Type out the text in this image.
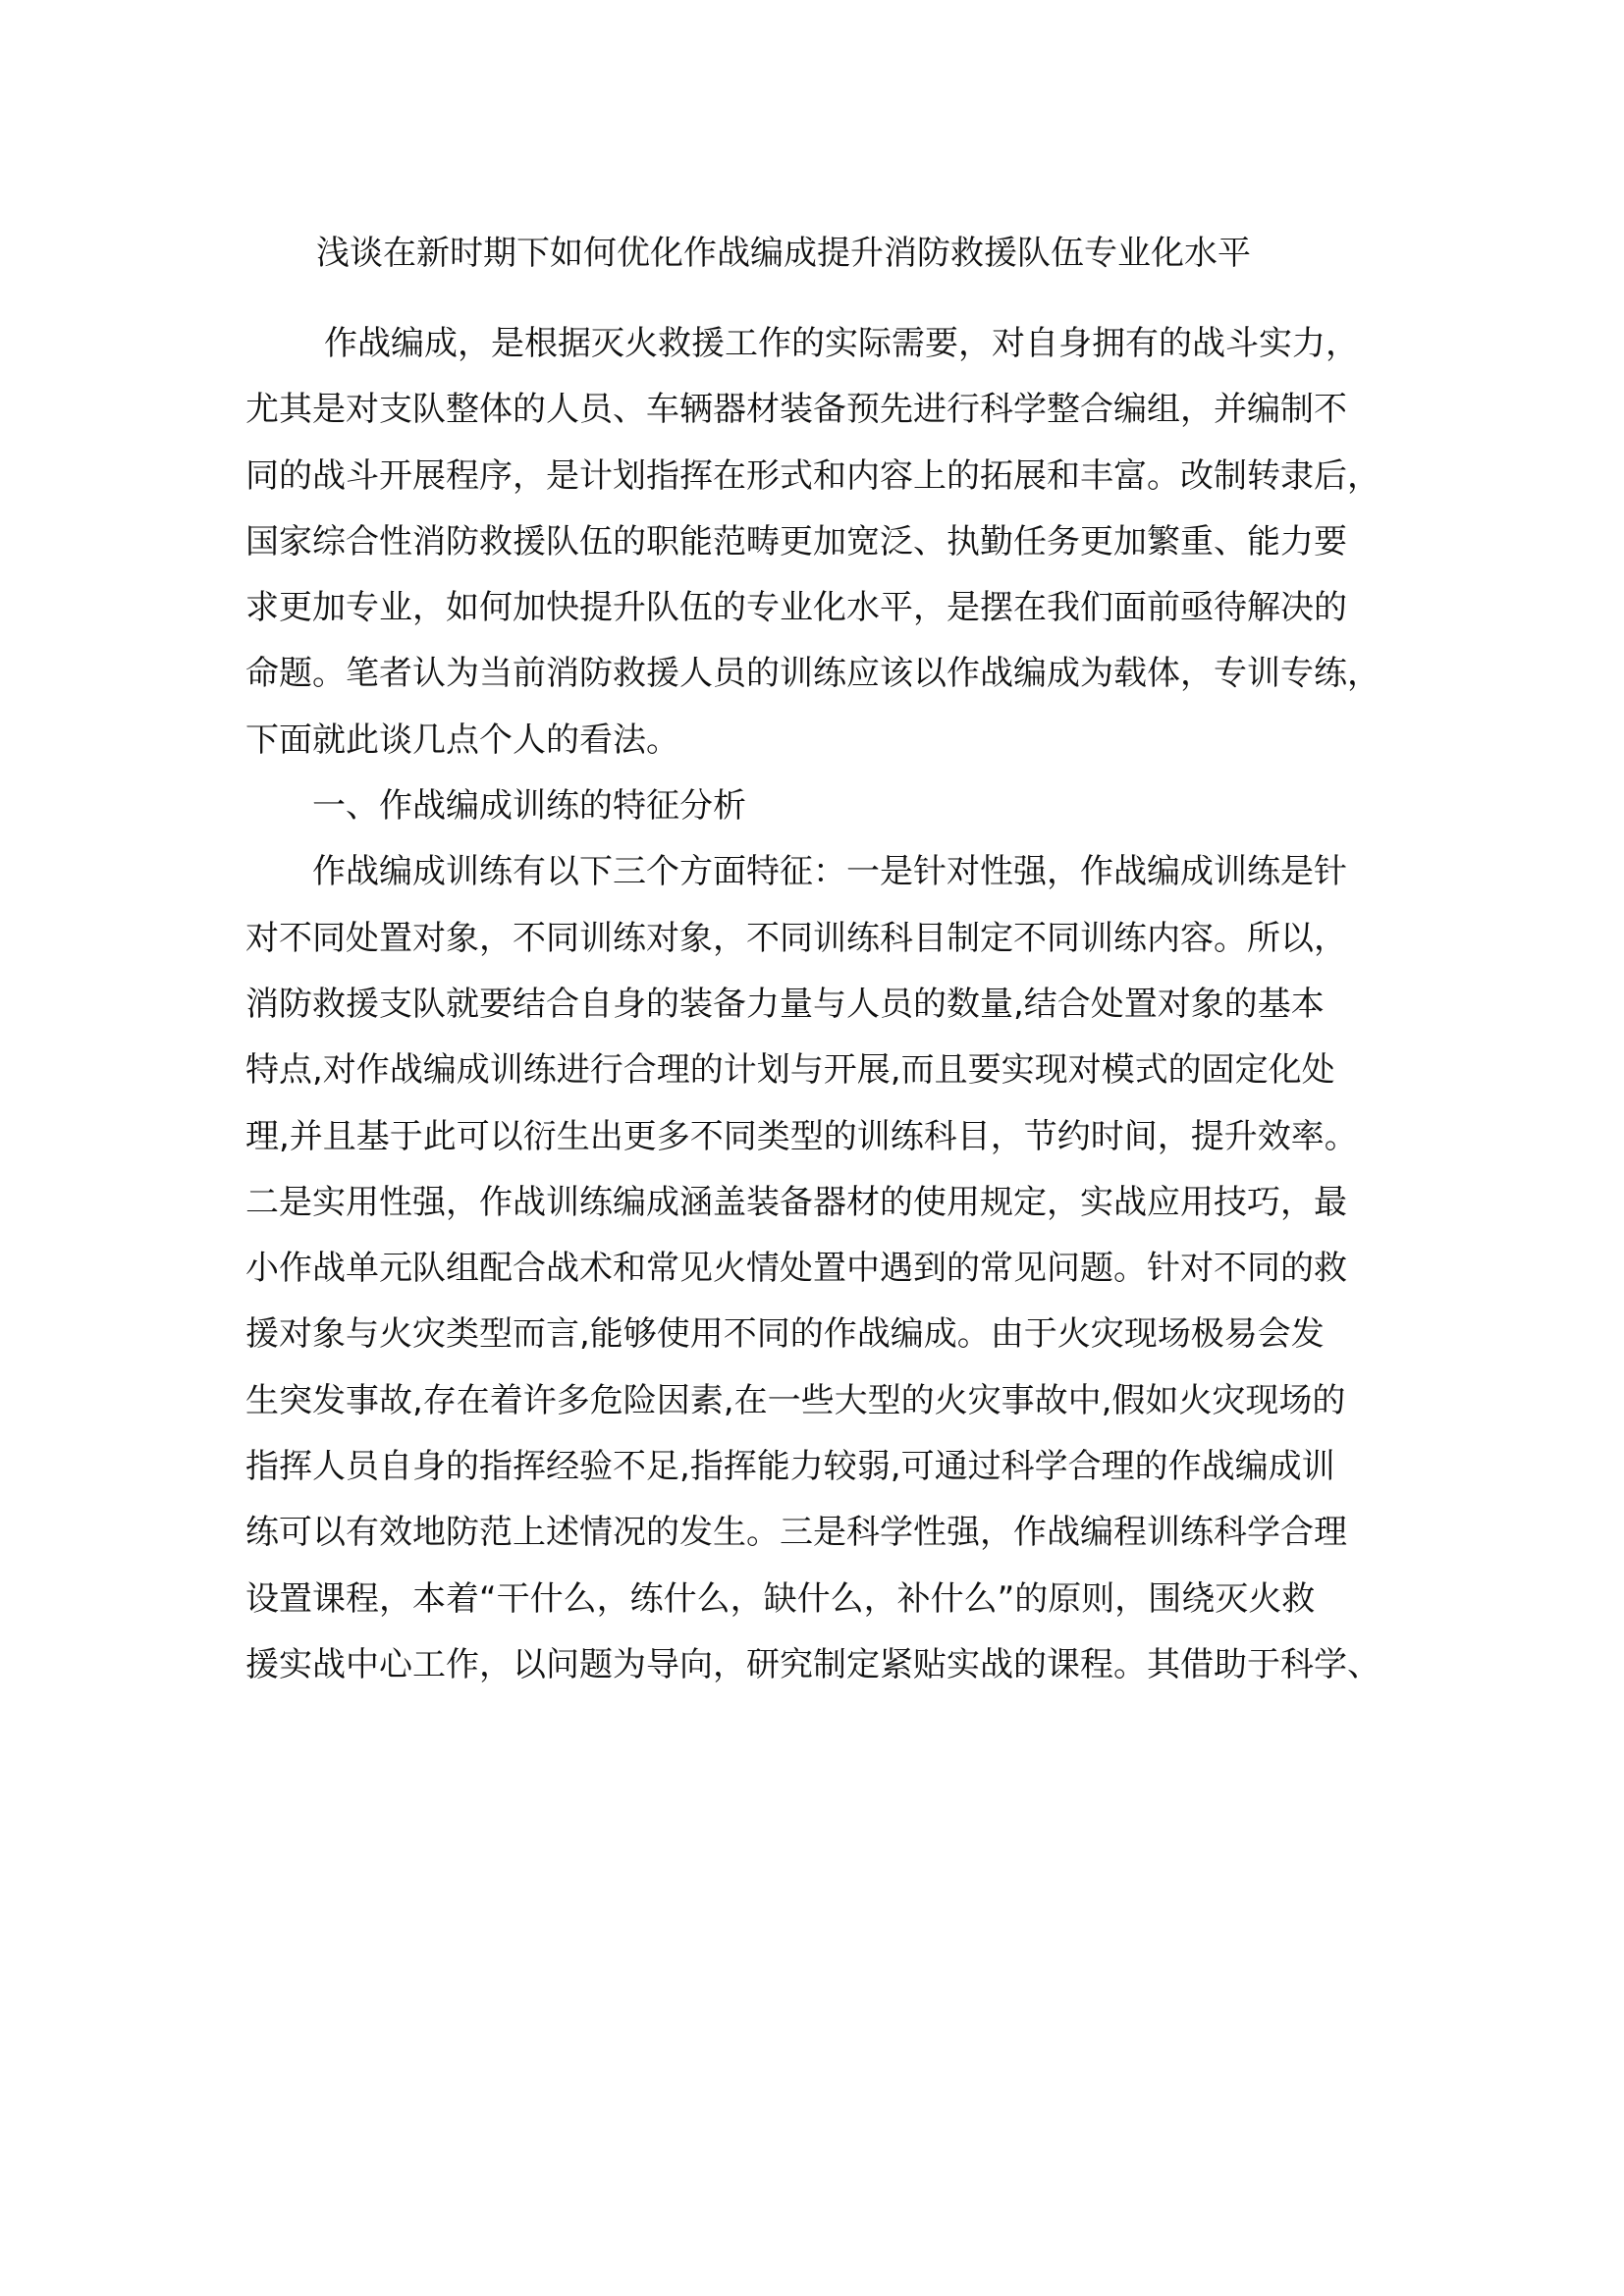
浅谈在新时期下如何优化作战编成提升消防救援队伍专业化水平
作战编成，是根据灭火救援工作的实际需要，对自身拥有的战斗实力，
尤其是对支队整体的人员、车辆器材装备预先进行科学整合编组，并编制不
同的战斗开展程序，是计划指挥在形式和内容上的拓展和丰富。改制转隶后，
国家综合性消防救援队伍的职能范畴更加宽泛、执勤任务更加繁重、能力要
求更加专业，如何加快提升队伍的专业化水平，是摆在我们面前亟待解决的
命题。笔者认为当前消防救援人员的训练应该以作战编成为载体，专训专练，
下面就此谈几点个人的看法。
一、作战编成训练的特征分析
作战编成训练有以下三个方面特征：一是针对性强，作战编成训练是针
对不同处置对象，不同训练对象，不同训练科目制定不同训练内容。所以，
消防救援支队就要结合自身的装备力量与人员的数量,结合处置对象的基本
特点,对作战编成训练进行合理的计划与开展,而且要实现对模式的固定化处
理,并且基于此可以衍生出更多不同类型的训练科目，节约时间，提升效率。
二是实用性强，作战训练编成涵盖装备器材的使用规定，实战应用技巧，最
小作战单元队组配合战术和常见火情处置中遇到的常见问题。针对不同的救
援对象与火灾类型而言,能够使用不同的作战编成。由于火灾现场极易会发
生突发事故,存在着许多危险因素,在一些大型的火灾事故中,假如火灾现场的
指挥人员自身的指挥经验不足,指挥能力较弱,可通过科学合理的作战编成训
练可以有效地防范上述情况的发生。三是科学性强，作战编程训练科学合理
设置课程，本着“干什么，练什么，缺什么，补什么”的原则，围绕灭火救
援实战中心工作，以问题为导向，研究制定紧贴实战的课程。其借助于科学、
